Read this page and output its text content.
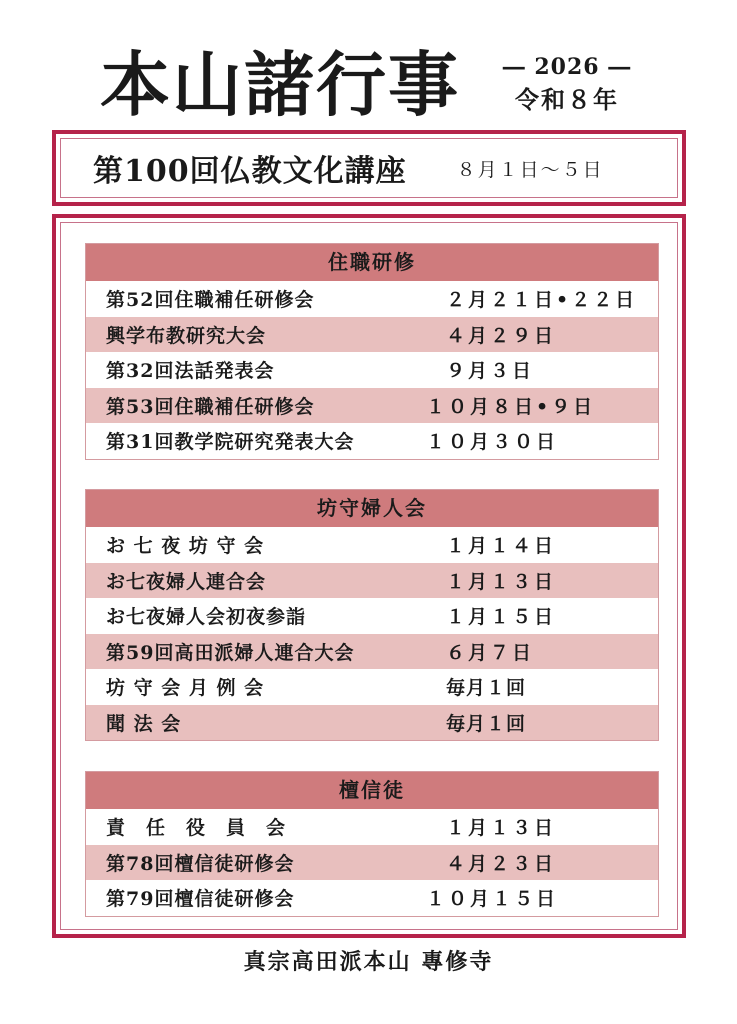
本山諸行事	― 2026 ―
令和８年
第100回仏教文化講座	８月１日〜５日
住職研修
第52回住職補任研修会	２月２１日•２２日
興学布教研究大会	４月２９日
第32回法話発表会	９月３日
第53回住職補任研修会	１０月８日•９日
第31回教学院研究発表大会	１０月３０日
坊守婦人会
お 七 夜 坊 守 会	１月１４日
お七夜婦人連合会	１月１３日
お七夜婦人会初夜参詣	１月１５日
第59回高田派婦人連合大会	６月７日
坊 守 会 月 例 会	毎月１回
聞 法 会	毎月１回
檀信徒
責　任　役　員　会	１月１３日
第78回檀信徒研修会	４月２３日
第79回檀信徒研修会	１０月１５日
真宗高田派本山 專修寺
